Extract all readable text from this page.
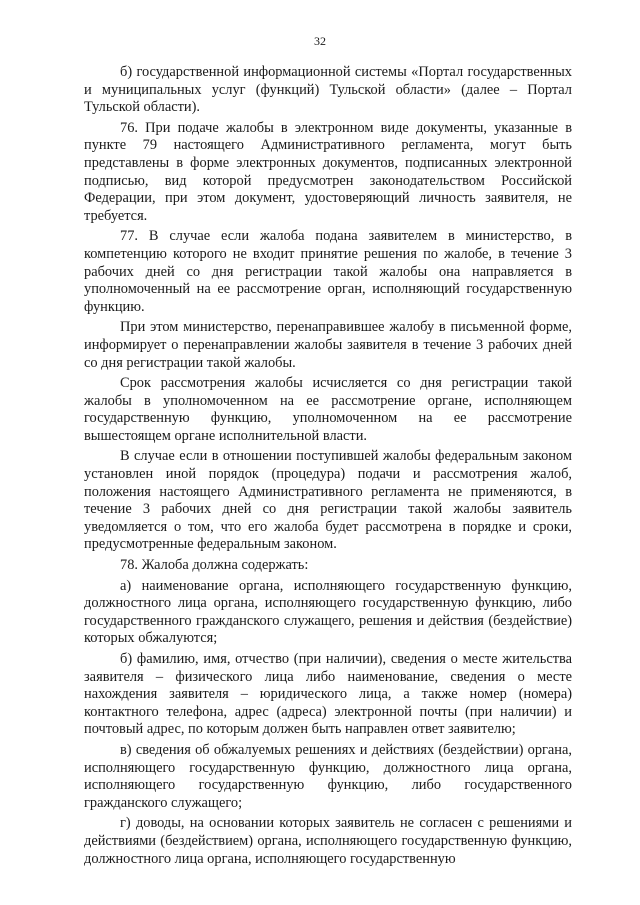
32

б) государственной информационной системы «Портал государственных и муниципальных услуг (функций) Тульской области» (далее – Портал Тульской области).

76. При подаче жалобы в электронном виде документы, указанные в пункте 79 настоящего Административного регламента, могут быть представлены в форме электронных документов, подписанных электронной подписью, вид которой предусмотрен законодательством Российской Федерации, при этом документ, удостоверяющий личность заявителя, не требуется.

77. В случае если жалоба подана заявителем в министерство, в компетенцию которого не входит принятие решения по жалобе, в течение 3 рабочих дней со дня регистрации такой жалобы она направляется в уполномоченный на ее рассмотрение орган, исполняющий государственную функцию.

При этом министерство, перенаправившее жалобу в письменной форме, информирует о перенаправлении жалобы заявителя в течение 3 рабочих дней со дня регистрации такой жалобы.

Срок рассмотрения жалобы исчисляется со дня регистрации такой жалобы в уполномоченном на ее рассмотрение органе, исполняющем государственную функцию, уполномоченном на ее рассмотрение вышестоящем органе исполнительной власти.

В случае если в отношении поступившей жалобы федеральным законом установлен иной порядок (процедура) подачи и рассмотрения жалоб, положения настоящего Административного регламента не применяются, в течение 3 рабочих дней со дня регистрации такой жалобы заявитель уведомляется о том, что его жалоба будет рассмотрена в порядке и сроки, предусмотренные федеральным законом.

78. Жалоба должна содержать:

а) наименование органа, исполняющего государственную функцию, должностного лица органа, исполняющего государственную функцию, либо государственного гражданского служащего, решения и действия (бездействие) которых обжалуются;

б) фамилию, имя, отчество (при наличии), сведения о месте жительства заявителя – физического лица либо наименование, сведения о месте нахождения заявителя – юридического лица, а также номер (номера) контактного телефона, адрес (адреса) электронной почты (при наличии) и почтовый адрес, по которым должен быть направлен ответ заявителю;

в) сведения об обжалуемых решениях и действиях (бездействии) органа, исполняющего государственную функцию, должностного лица органа, исполняющего государственную функцию, либо государственного гражданского служащего;

г) доводы, на основании которых заявитель не согласен с решениями и действиями (бездействием) органа, исполняющего государственную функцию, должностного лица органа, исполняющего государственную
